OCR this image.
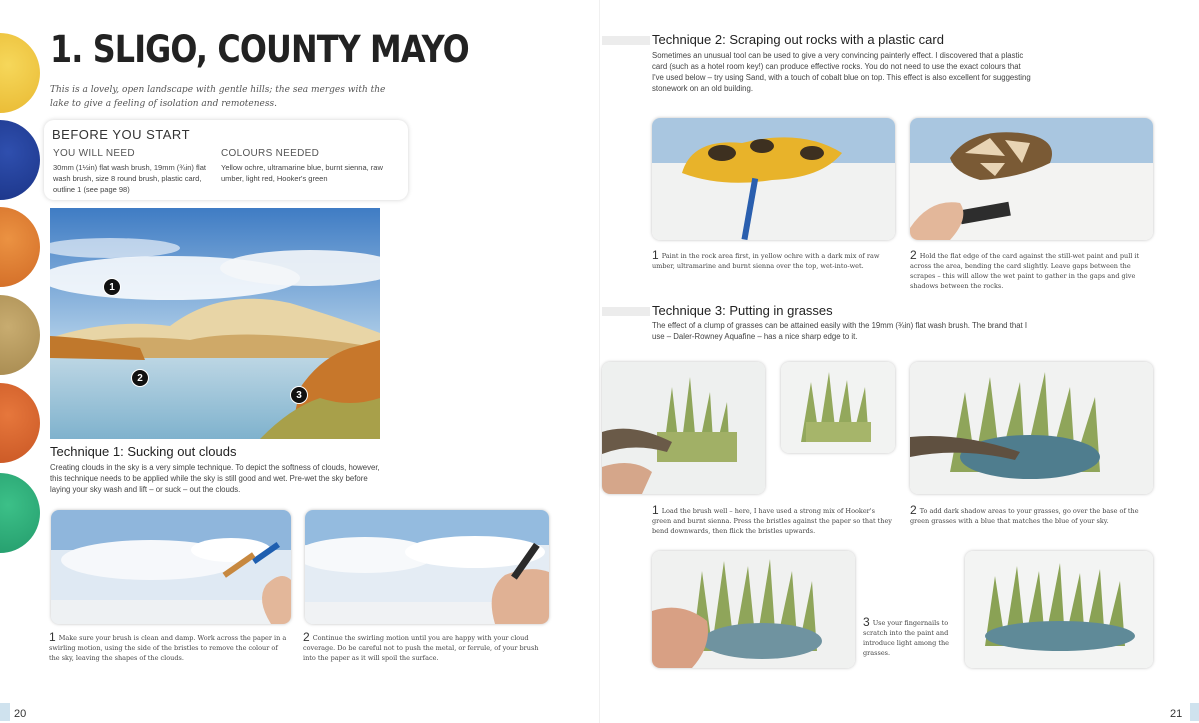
1. SLIGO, COUNTY MAYO
This is a lovely, open landscape with gentle hills; the sea merges with the lake to give a feeling of isolation and remoteness.
BEFORE YOU START
YOU WILL NEED
30mm (1½in) flat wash brush, 19mm (¾in) flat wash brush, size 8 round brush, plastic card, outline 1 (see page 98)
COLOURS NEEDED
Yellow ochre, ultramarine blue, burnt sienna, raw umber, light red, Hooker's green
1
2
3
Technique 1: Sucking out clouds
Creating clouds in the sky is a very simple technique. To depict the softness of clouds, however, this technique needs to be applied while the sky is still good and wet. Pre-wet the sky before laying your sky wash and lift – or suck – out the clouds.
1 Make sure your brush is clean and damp. Work across the paper in a swirling motion, using the side of the bristles to remove the colour of the sky, leaving the shapes of the clouds.
2 Continue the swirling motion until you are happy with your cloud coverage. Do be careful not to push the metal, or ferrule, of your brush into the paper as it will spoil the surface.
20
Technique 2: Scraping out rocks with a plastic card
Sometimes an unusual tool can be used to give a very convincing painterly effect. I discovered that a plastic card (such as a hotel room key!) can produce effective rocks. You do not need to use the exact colours that I've used below – try using Sand, with a touch of cobalt blue on top. This effect is also excellent for suggesting stonework on an old building.
1 Paint in the rock area first, in yellow ochre with a dark mix of raw umber, ultramarine and burnt sienna over the top, wet-into-wet.
2 Hold the flat edge of the card against the still-wet paint and pull it across the area, bending the card slightly. Leave gaps between the scrapes – this will allow the wet paint to gather in the gaps and give shadows between the rocks.
Technique 3: Putting in grasses
The effect of a clump of grasses can be attained easily with the 19mm (¾in) flat wash brush. The brand that I use – Daler-Rowney Aquafine – has a nice sharp edge to it.
1 Load the brush well – here, I have used a strong mix of Hooker's green and burnt sienna. Press the bristles against the paper so that they bend downwards, then flick the bristles upwards.
2 To add dark shadow areas to your grasses, go over the base of the green grasses with a blue that matches the blue of your sky.
3 Use your fingernails to scratch into the paint and introduce light among the grasses.
21
